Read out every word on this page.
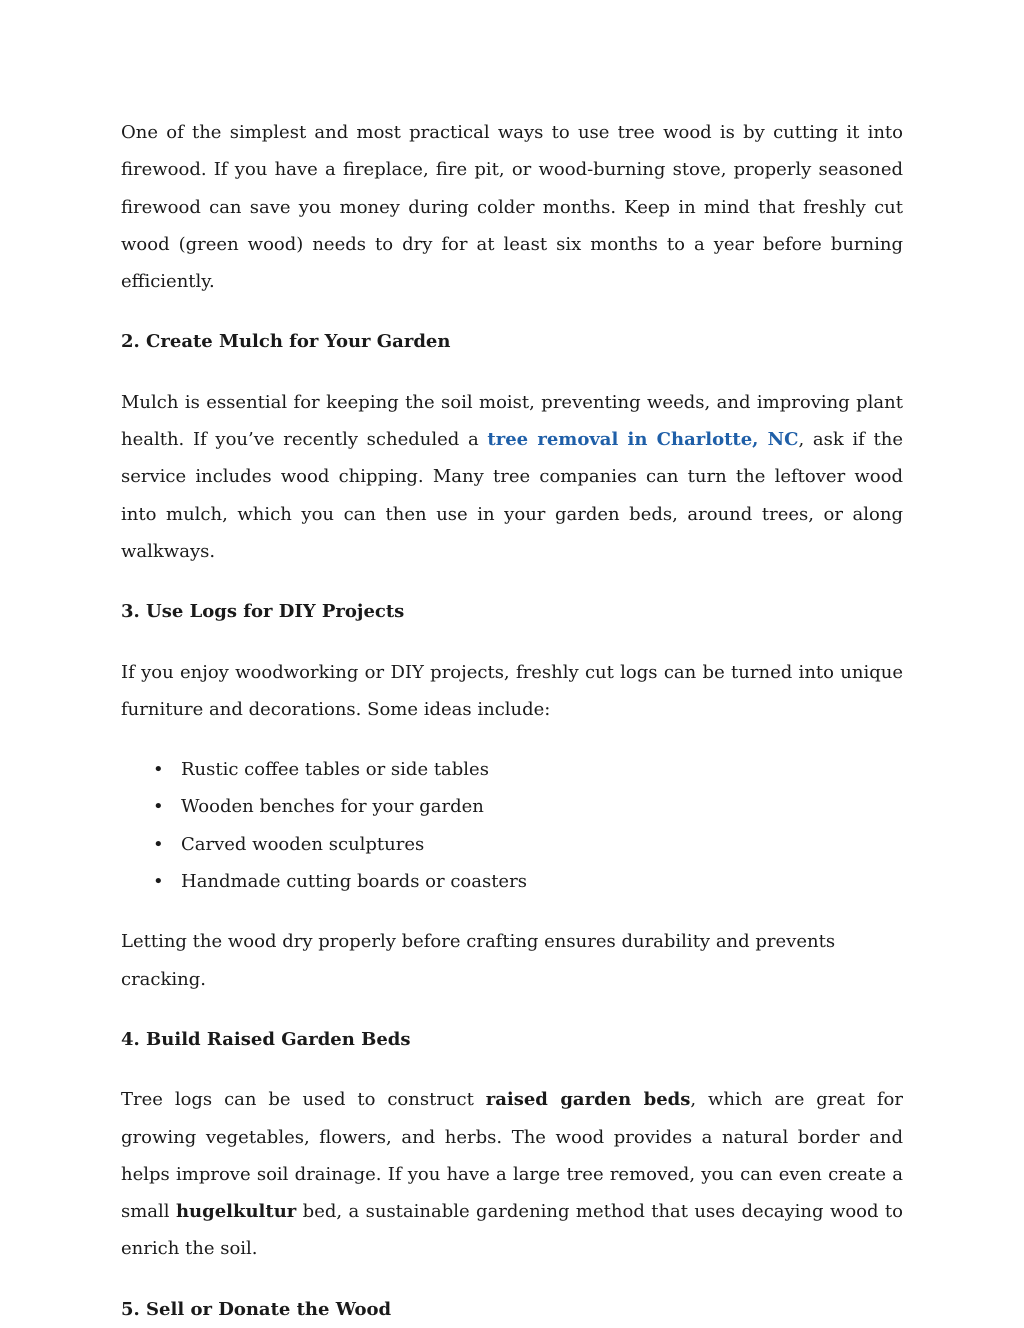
One of the simplest and most practical ways to use tree wood is by cutting it into firewood. If you have a fireplace, fire pit, or wood-burning stove, properly seasoned firewood can save you money during colder months. Keep in mind that freshly cut wood (green wood) needs to dry for at least six months to a year before burning efficiently.

2. Create Mulch for Your Garden

Mulch is essential for keeping the soil moist, preventing weeds, and improving plant health. If you’ve recently scheduled a tree removal in Charlotte, NC, ask if the service includes wood chipping. Many tree companies can turn the leftover wood into mulch, which you can then use in your garden beds, around trees, or along walkways.

3. Use Logs for DIY Projects

If you enjoy woodworking or DIY projects, freshly cut logs can be turned into unique furniture and decorations. Some ideas include:

• Rustic coffee tables or side tables
• Wooden benches for your garden
• Carved wooden sculptures
• Handmade cutting boards or coasters

Letting the wood dry properly before crafting ensures durability and prevents cracking.

4. Build Raised Garden Beds

Tree logs can be used to construct raised garden beds, which are great for growing vegetables, flowers, and herbs. The wood provides a natural border and helps improve soil drainage. If you have a large tree removed, you can even create a small hugelkultur bed, a sustainable gardening method that uses decaying wood to enrich the soil.

5. Sell or Donate the Wood
